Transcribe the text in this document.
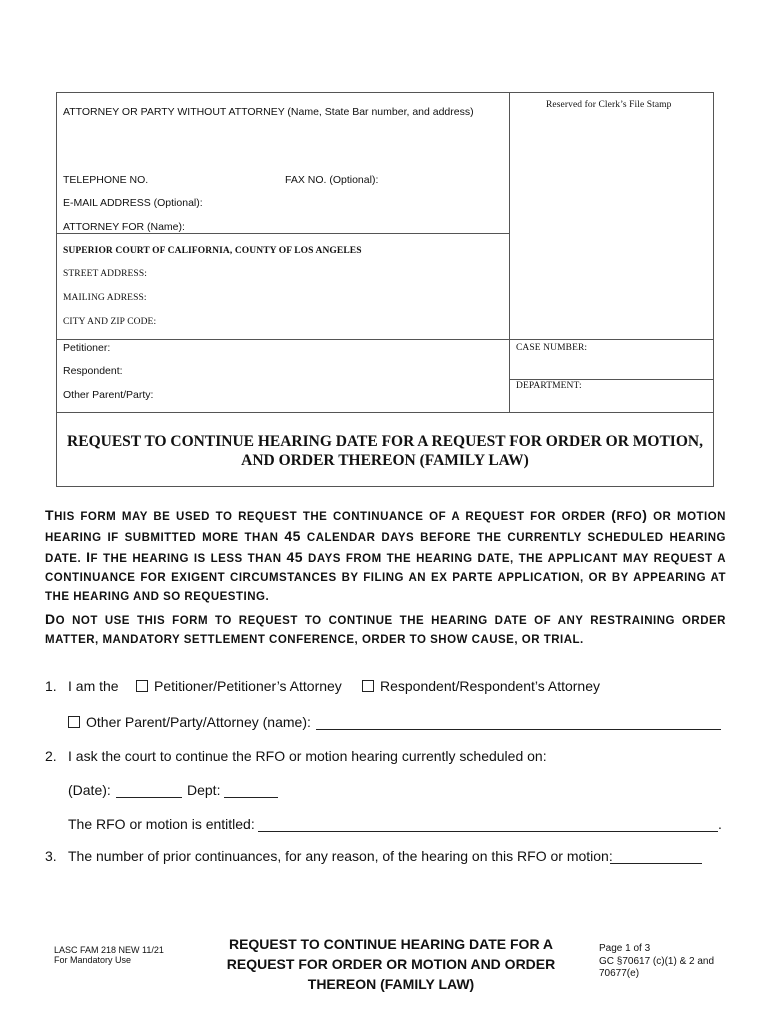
ATTORNEY OR PARTY WITHOUT ATTORNEY (Name, State Bar number, and address)
Reserved for Clerk’s File Stamp
TELEPHONE NO.	FAX NO. (Optional):
E-MAIL ADDRESS (Optional):
ATTORNEY FOR (Name):
SUPERIOR COURT OF CALIFORNIA, COUNTY OF LOS ANGELES
STREET ADDRESS:
MAILING ADRESS:
CITY AND ZIP CODE:
Petitioner:
Respondent:
Other Parent/Party:
CASE NUMBER:
DEPARTMENT:
REQUEST TO CONTINUE HEARING DATE FOR A REQUEST FOR ORDER OR MOTION,
AND ORDER THEREON (FAMILY LAW)
THIS FORM MAY BE USED TO REQUEST THE CONTINUANCE OF A REQUEST FOR ORDER (RFO) OR MOTION HEARING IF SUBMITTED MORE THAN 45 CALENDAR DAYS BEFORE THE CURRENTLY SCHEDULED HEARING DATE. IF THE HEARING IS LESS THAN 45 DAYS FROM THE HEARING DATE, THE APPLICANT MAY REQUEST A CONTINUANCE FOR EXIGENT CIRCUMSTANCES BY FILING AN EX PARTE APPLICATION, OR BY APPEARING AT THE HEARING AND SO REQUESTING.
DO NOT USE THIS FORM TO REQUEST TO CONTINUE THE HEARING DATE OF ANY RESTRAINING ORDER MATTER, MANDATORY SETTLEMENT CONFERENCE, ORDER TO SHOW CAUSE, OR TRIAL.
1. I am the	Petitioner/Petitioner’s Attorney	Respondent/Respondent’s Attorney
Other Parent/Party/Attorney (name):
2. I ask the court to continue the RFO or motion hearing currently scheduled on:
(Date):	Dept:
The RFO or motion is entitled:	.
3. The number of prior continuances, for any reason, of the hearing on this RFO or motion:
LASC FAM 218 NEW 11/21
For Mandatory Use
REQUEST TO CONTINUE HEARING DATE FOR A
REQUEST FOR ORDER OR MOTION AND ORDER
THEREON (FAMILY LAW)
Page 1 of 3
GC §70617 (c)(1) & 2 and
70677(e)
